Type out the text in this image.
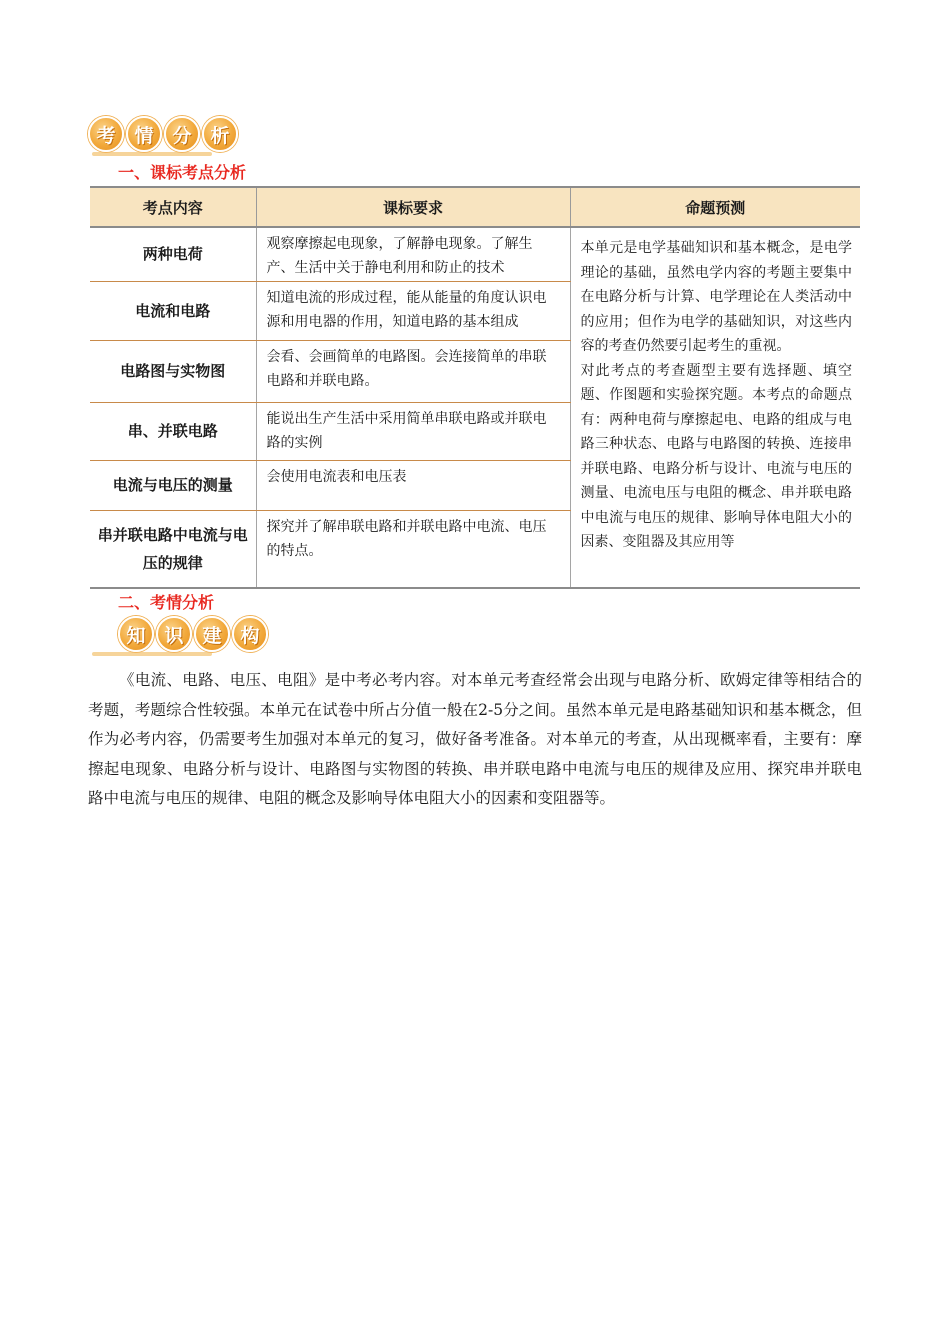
考 情 分 析
一、课标考点分析
考点内容	课标要求	命题预测
两种电荷	观察摩擦起电现象，了解静电现象。了解生产、生活中关于静电利用和防止的技术	本单元是电学基础知识和基本概念，是电学理论的基础，虽然电学内容的考题主要集中在电路分析与计算、电学理论在人类活动中的应用；但作为电学的基础知识，对这些内容的考查仍然要引起考生的重视。
对此考点的考查题型主要有选择题、填空题、作图题和实验探究题。本考点的命题点有：两种电荷与摩擦起电、电路的组成与电路三种状态、电路与电路图的转换、连接串并联电路、电路分析与设计、电流与电压的测量、电流电压与电阻的概念、串并联电路中电流与电压的规律、影响导体电阻大小的因素、变阻器及其应用等

电流和电路	知道电流的形成过程，能从能量的角度认识电源和用电器的作用，知道电路的基本组成	
电路图与实物图	会看、会画简单的电路图。会连接简单的串联电路和并联电路。	
串、并联电路	能说出生产生活中采用简单串联电路或并联电路的实例	
电流与电压的测量	会使用电流表和电压表	
串并联电路中电流与电压的规律	探究并了解串联电路和并联电路中电流、电压的特点。	
二、考情分析
知 识 建 构

《电流、电路、电压、电阻》是中考必考内容。对本单元考查经常会出现与电路分析、欧姆定律等相结合的考题，考题综合性较强。本单元在试卷中所占分值一般在2-5分之间。虽然本单元是电路基础知识和基本概念，但作为必考内容，仍需要考生加强对本单元的复习，做好备考准备。对本单元的考查，从出现概率看，主要有：摩擦起电现象、电路分析与设计、电路图与实物图的转换、串并联电路中电流与电压的规律及应用、探究串并联电路中电流与电压的规律、电阻的概念及影响导体电阻大小的因素和变阻器等。
